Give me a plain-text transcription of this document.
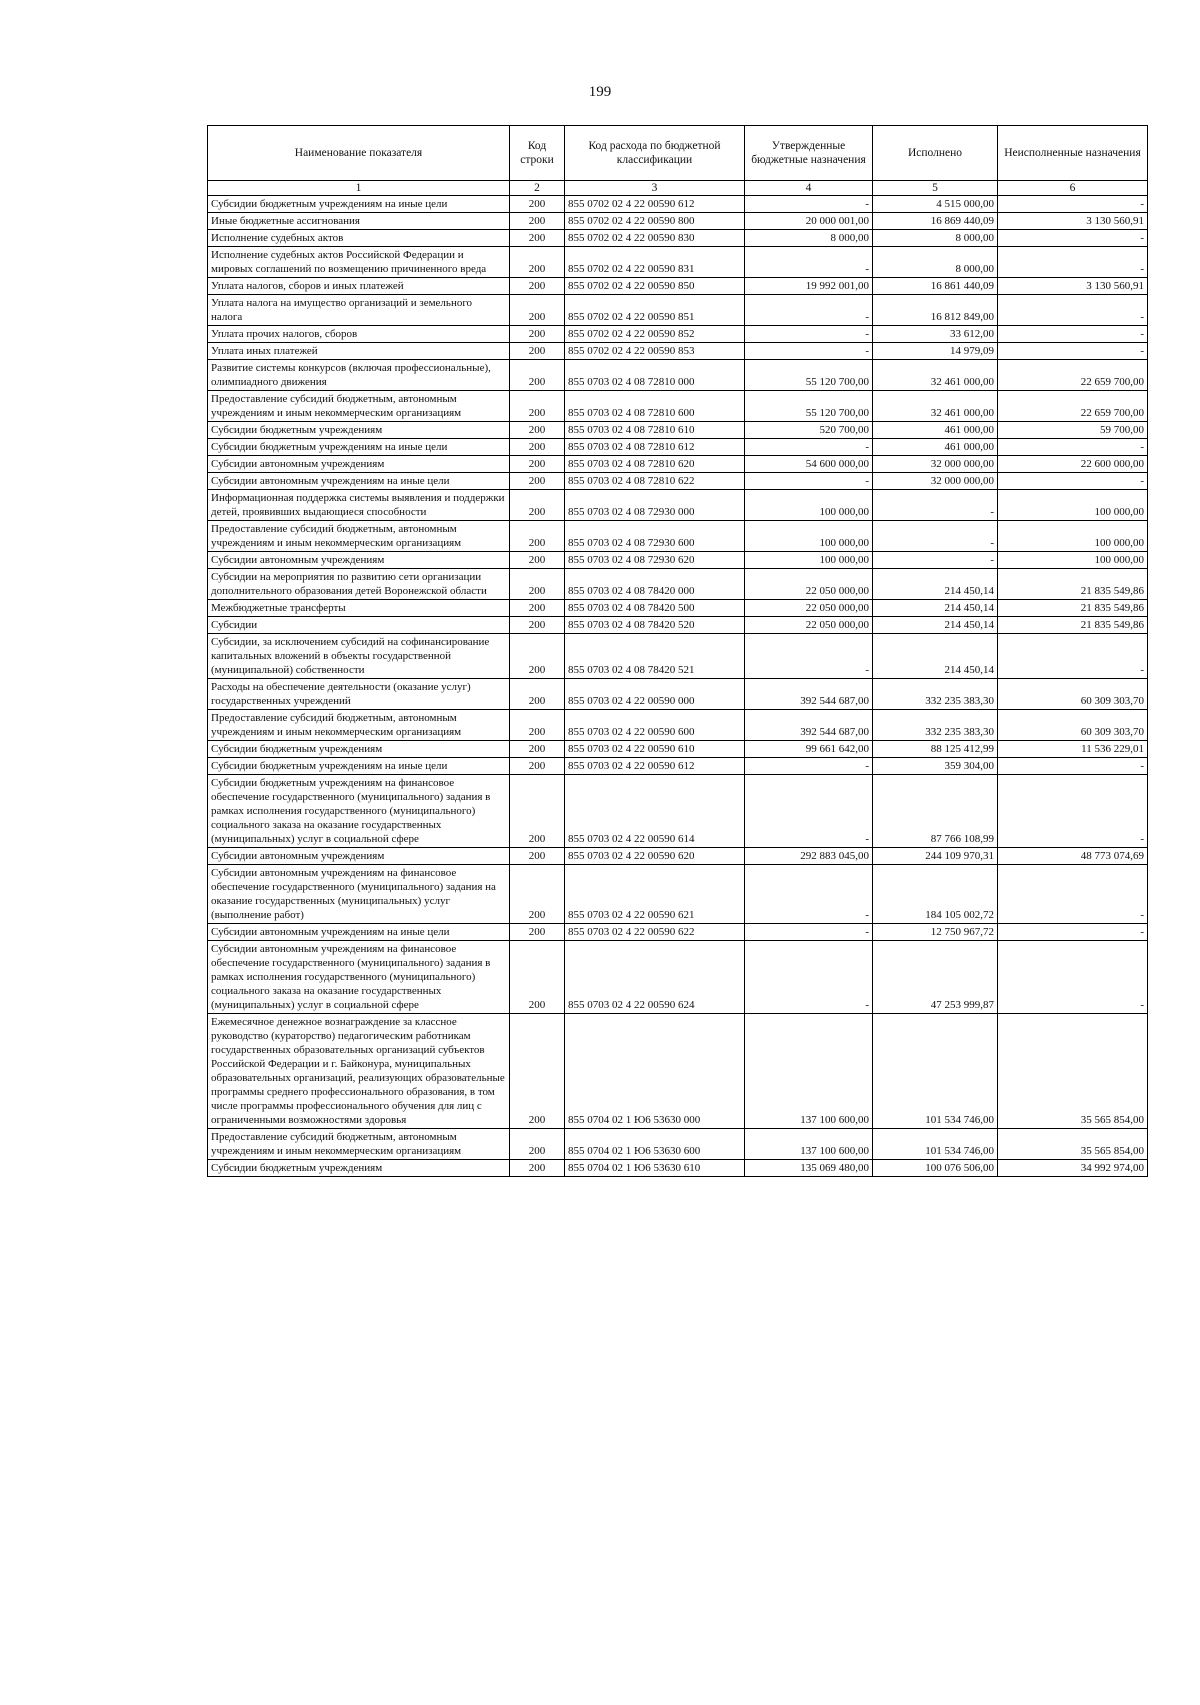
199
Наименование показателя	Код строки	Код расхода по бюджетной классификации	Утвержденные бюджетные назначения	Исполнено	Неисполненные назначения
1	2	3	4	5	6
Субсидии бюджетным учреждениям на иные цели	200	855 0702 02 4 22 00590 612	-	4 515 000,00	-
Иные бюджетные ассигнования	200	855 0702 02 4 22 00590 800	20 000 001,00	16 869 440,09	3 130 560,91
Исполнение судебных актов	200	855 0702 02 4 22 00590 830	8 000,00	8 000,00	-
Исполнение судебных актов Российской Федерации и мировых соглашений по возмещению причиненного вреда	200	855 0702 02 4 22 00590 831	-	8 000,00	-
Уплата налогов, сборов и иных платежей	200	855 0702 02 4 22 00590 850	19 992 001,00	16 861 440,09	3 130 560,91
Уплата налога на имущество организаций и земельного налога	200	855 0702 02 4 22 00590 851	-	16 812 849,00	-
Уплата прочих налогов, сборов	200	855 0702 02 4 22 00590 852	-	33 612,00	-
Уплата иных платежей	200	855 0702 02 4 22 00590 853	-	14 979,09	-
Развитие системы конкурсов (включая профессиональные), олимпиадного движения	200	855 0703 02 4 08 72810 000	55 120 700,00	32 461 000,00	22 659 700,00
Предоставление субсидий бюджетным, автономным учреждениям и иным некоммерческим организациям	200	855 0703 02 4 08 72810 600	55 120 700,00	32 461 000,00	22 659 700,00
Субсидии бюджетным учреждениям	200	855 0703 02 4 08 72810 610	520 700,00	461 000,00	59 700,00
Субсидии бюджетным учреждениям на иные цели	200	855 0703 02 4 08 72810 612	-	461 000,00	-
Субсидии автономным учреждениям	200	855 0703 02 4 08 72810 620	54 600 000,00	32 000 000,00	22 600 000,00
Субсидии автономным учреждениям на иные цели	200	855 0703 02 4 08 72810 622	-	32 000 000,00	-
Информационная поддержка системы выявления и поддержки детей, проявивших выдающиеся способности	200	855 0703 02 4 08 72930 000	100 000,00	-	100 000,00
Предоставление субсидий бюджетным, автономным учреждениям и иным некоммерческим организациям	200	855 0703 02 4 08 72930 600	100 000,00	-	100 000,00
Субсидии автономным учреждениям	200	855 0703 02 4 08 72930 620	100 000,00	-	100 000,00
Субсидии на мероприятия по развитию сети организации дополнительного образования детей Воронежской области	200	855 0703 02 4 08 78420 000	22 050 000,00	214 450,14	21 835 549,86
Межбюджетные трансферты	200	855 0703 02 4 08 78420 500	22 050 000,00	214 450,14	21 835 549,86
Субсидии	200	855 0703 02 4 08 78420 520	22 050 000,00	214 450,14	21 835 549,86
Субсидии, за исключением субсидий на софинансирование капитальных вложений в объекты государственной (муниципальной) собственности	200	855 0703 02 4 08 78420 521	-	214 450,14	-
Расходы на обеспечение деятельности (оказание услуг) государственных учреждений	200	855 0703 02 4 22 00590 000	392 544 687,00	332 235 383,30	60 309 303,70
Предоставление субсидий бюджетным, автономным учреждениям и иным некоммерческим организациям	200	855 0703 02 4 22 00590 600	392 544 687,00	332 235 383,30	60 309 303,70
Субсидии бюджетным учреждениям	200	855 0703 02 4 22 00590 610	99 661 642,00	88 125 412,99	11 536 229,01
Субсидии бюджетным учреждениям на иные цели	200	855 0703 02 4 22 00590 612	-	359 304,00	-
Субсидии бюджетным учреждениям на финансовое обеспечение государственного (муниципального) задания в рамках исполнения государственного (муниципального) социального заказа на оказание государственных (муниципальных) услуг в социальной сфере	200	855 0703 02 4 22 00590 614	-	87 766 108,99	-
Субсидии автономным учреждениям	200	855 0703 02 4 22 00590 620	292 883 045,00	244 109 970,31	48 773 074,69
Субсидии автономным учреждениям на финансовое обеспечение государственного (муниципального) задания на оказание государственных (муниципальных) услуг (выполнение работ)	200	855 0703 02 4 22 00590 621	-	184 105 002,72	-
Субсидии автономным учреждениям на иные цели	200	855 0703 02 4 22 00590 622	-	12 750 967,72	-
Субсидии автономным учреждениям на финансовое обеспечение государственного (муниципального) задания в рамках исполнения государственного (муниципального) социального заказа на оказание государственных (муниципальных) услуг в социальной сфере	200	855 0703 02 4 22 00590 624	-	47 253 999,87	-
Ежемесячное денежное вознаграждение за классное руководство (кураторство) педагогическим работникам государственных образовательных организаций субъектов Российской Федерации и г. Байконура, муниципальных образовательных организаций, реализующих образовательные программы среднего профессионального образования, в том числе программы профессионального обучения для лиц с ограниченными возможностями здоровья	200	855 0704 02 1 Ю6 53630 000	137 100 600,00	101 534 746,00	35 565 854,00
Предоставление субсидий бюджетным, автономным учреждениям и иным некоммерческим организациям	200	855 0704 02 1 Ю6 53630 600	137 100 600,00	101 534 746,00	35 565 854,00
Субсидии бюджетным учреждениям	200	855 0704 02 1 Ю6 53630 610	135 069 480,00	100 076 506,00	34 992 974,00
